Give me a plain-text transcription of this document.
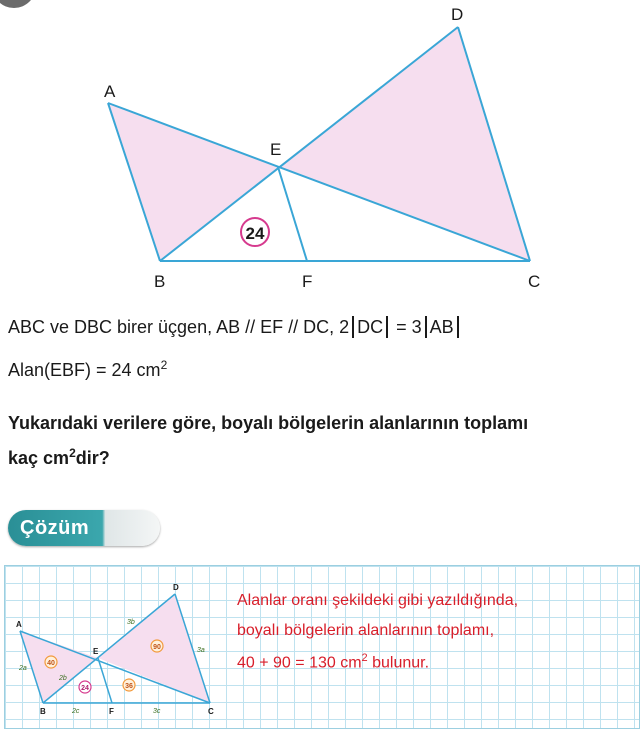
A
B	C
D
E
F
24
ABC ve DBC birer üçgen, AB // EF // DC, 2 DC = 3 AB
Alan(EBF) = 24 $cm^2$
Yukarıdaki verilere göre, boyalı bölgelerin alanlarının toplamı
kaç $cm^2dir$?
Çözüm
A
B	C
D
E
F
2a
2b
3b
3a
2c	3c
40
90
24	36
Alanlar oranı şekildeki gibi yazıldığında,
boyalı bölgelerin alanlarının toplamı,
40 + 90 = 130 $cm^2$ bulunur.
